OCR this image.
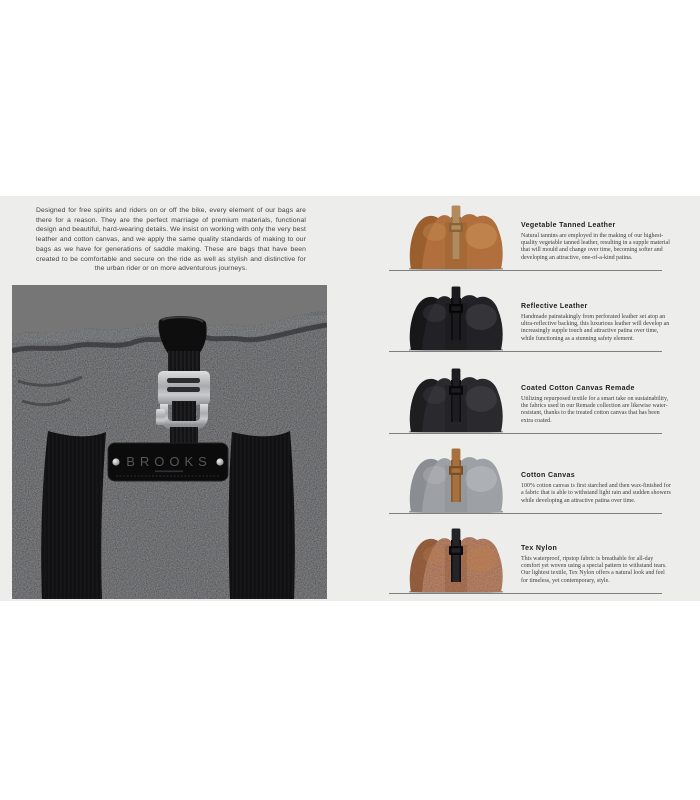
Designed for free spirits and riders on or off the bike, every element of our bags are there for a reason. They are the perfect marriage of premium materials, functional design and beautiful, hard-wearing details. We insist on working with only the very best leather and cotton canvas, and we apply the same quality standards of making to our bags as we have for generations of saddle making. These are bags that have been created to be comfortable and secure on the ride as well as stylish and distinctive for the urban rider or on more adventurous journeys.

BROOKS
Vegetable Tanned Leather

Natural tannins are employed in the making of our highest-quality vegetable tanned leather, resulting in a supple material that will mould and change over time, becoming softer and developing an attractive, one-of-a-kind patina.

Reflective Leather

Handmade painstakingly from perforated leather set atop an ultra-reflective backing, this luxurious leather will develop an increasingly supple touch and attractive patina over time, while functioning as a stunning safety element.

Coated Cotton Canvas Remade

Utilizing repurposed textile for a smart take on sustainability, the fabrics used in our Remade collection are likewise water-resistant, thanks to the treated cotton canvas that has been extra coated.

Cotton Canvas

100% cotton canvas is first starched and then wax-finished for a fabric that is able to withstand light rain and sudden showers while developing an attractive patina over time.

Tex Nylon

This waterproof, ripstop fabric is breathable for all-day comfort yet woven using a special pattern to withstand tears. Our lightest textile, Tex Nylon offers a natural look and feel for timeless, yet contemporary, style.
